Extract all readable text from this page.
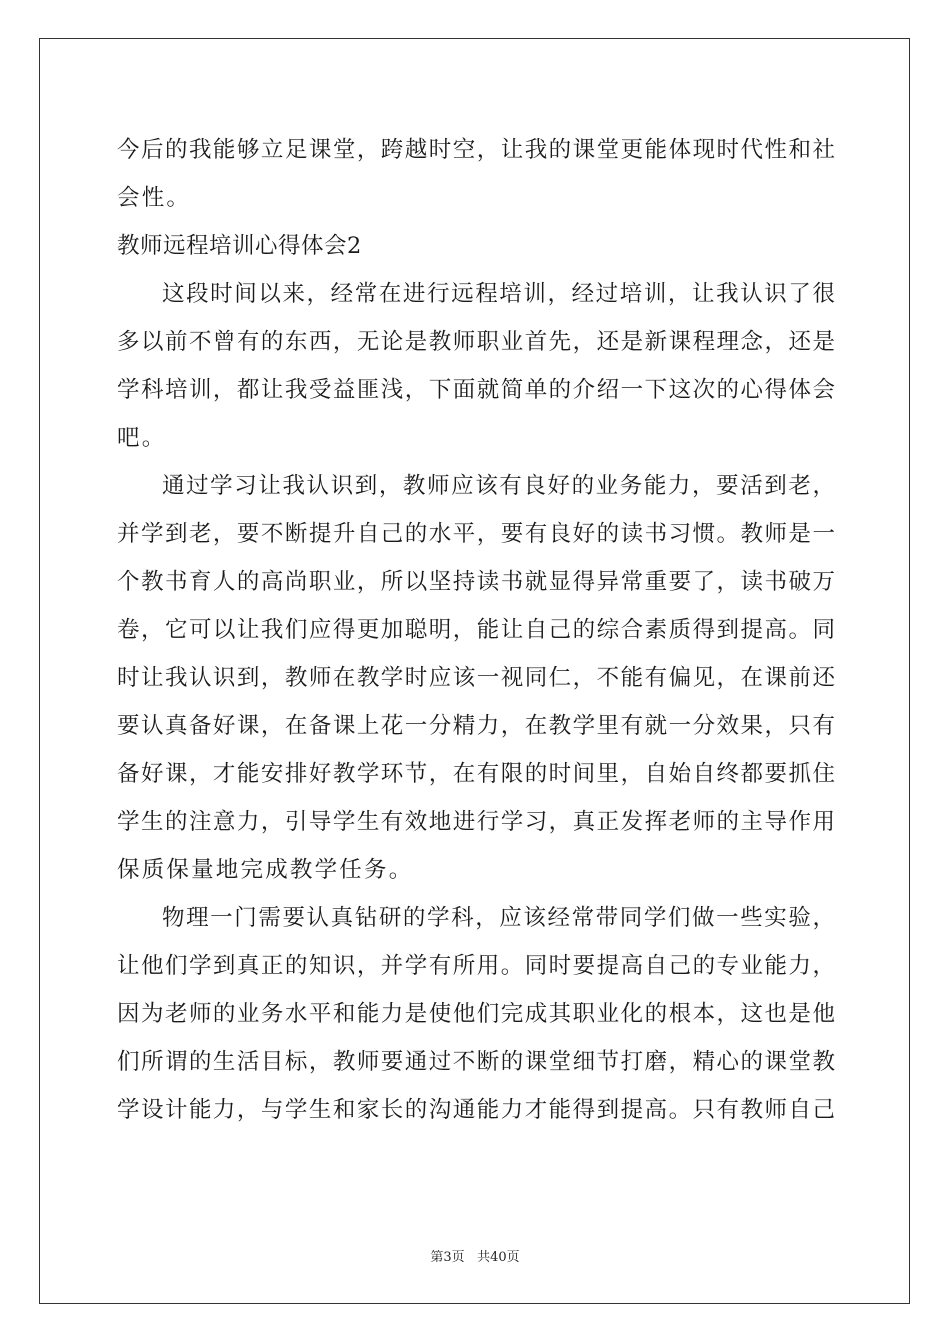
今后的我能够立足课堂，跨越时空，让我的课堂更能体现时代性和社
会性。
教师远程培训心得体会2
这段时间以来，经常在进行远程培训，经过培训，让我认识了很
多以前不曾有的东西，无论是教师职业首先，还是新课程理念，还是
学科培训，都让我受益匪浅，下面就简单的介绍一下这次的心得体会
吧。
通过学习让我认识到，教师应该有良好的业务能力，要活到老，
并学到老，要不断提升自己的水平，要有良好的读书习惯。教师是一
个教书育人的高尚职业，所以坚持读书就显得异常重要了，读书破万
卷，它可以让我们应得更加聪明，能让自己的综合素质得到提高。同
时让我认识到，教师在教学时应该一视同仁，不能有偏见，在课前还
要认真备好课，在备课上花一分精力，在教学里有就一分效果，只有
备好课，才能安排好教学环节，在有限的时间里，自始自终都要抓住
学生的注意力，引导学生有效地进行学习，真正发挥老师的主导作用
保质保量地完成教学任务。
物理一门需要认真钻研的学科，应该经常带同学们做一些实验，
让他们学到真正的知识，并学有所用。同时要提高自己的专业能力，
因为老师的业务水平和能力是使他们完成其职业化的根本，这也是他
们所谓的生活目标，教师要通过不断的课堂细节打磨，精心的课堂教
学设计能力，与学生和家长的沟通能力才能得到提高。只有教师自己
第3页 共40页
